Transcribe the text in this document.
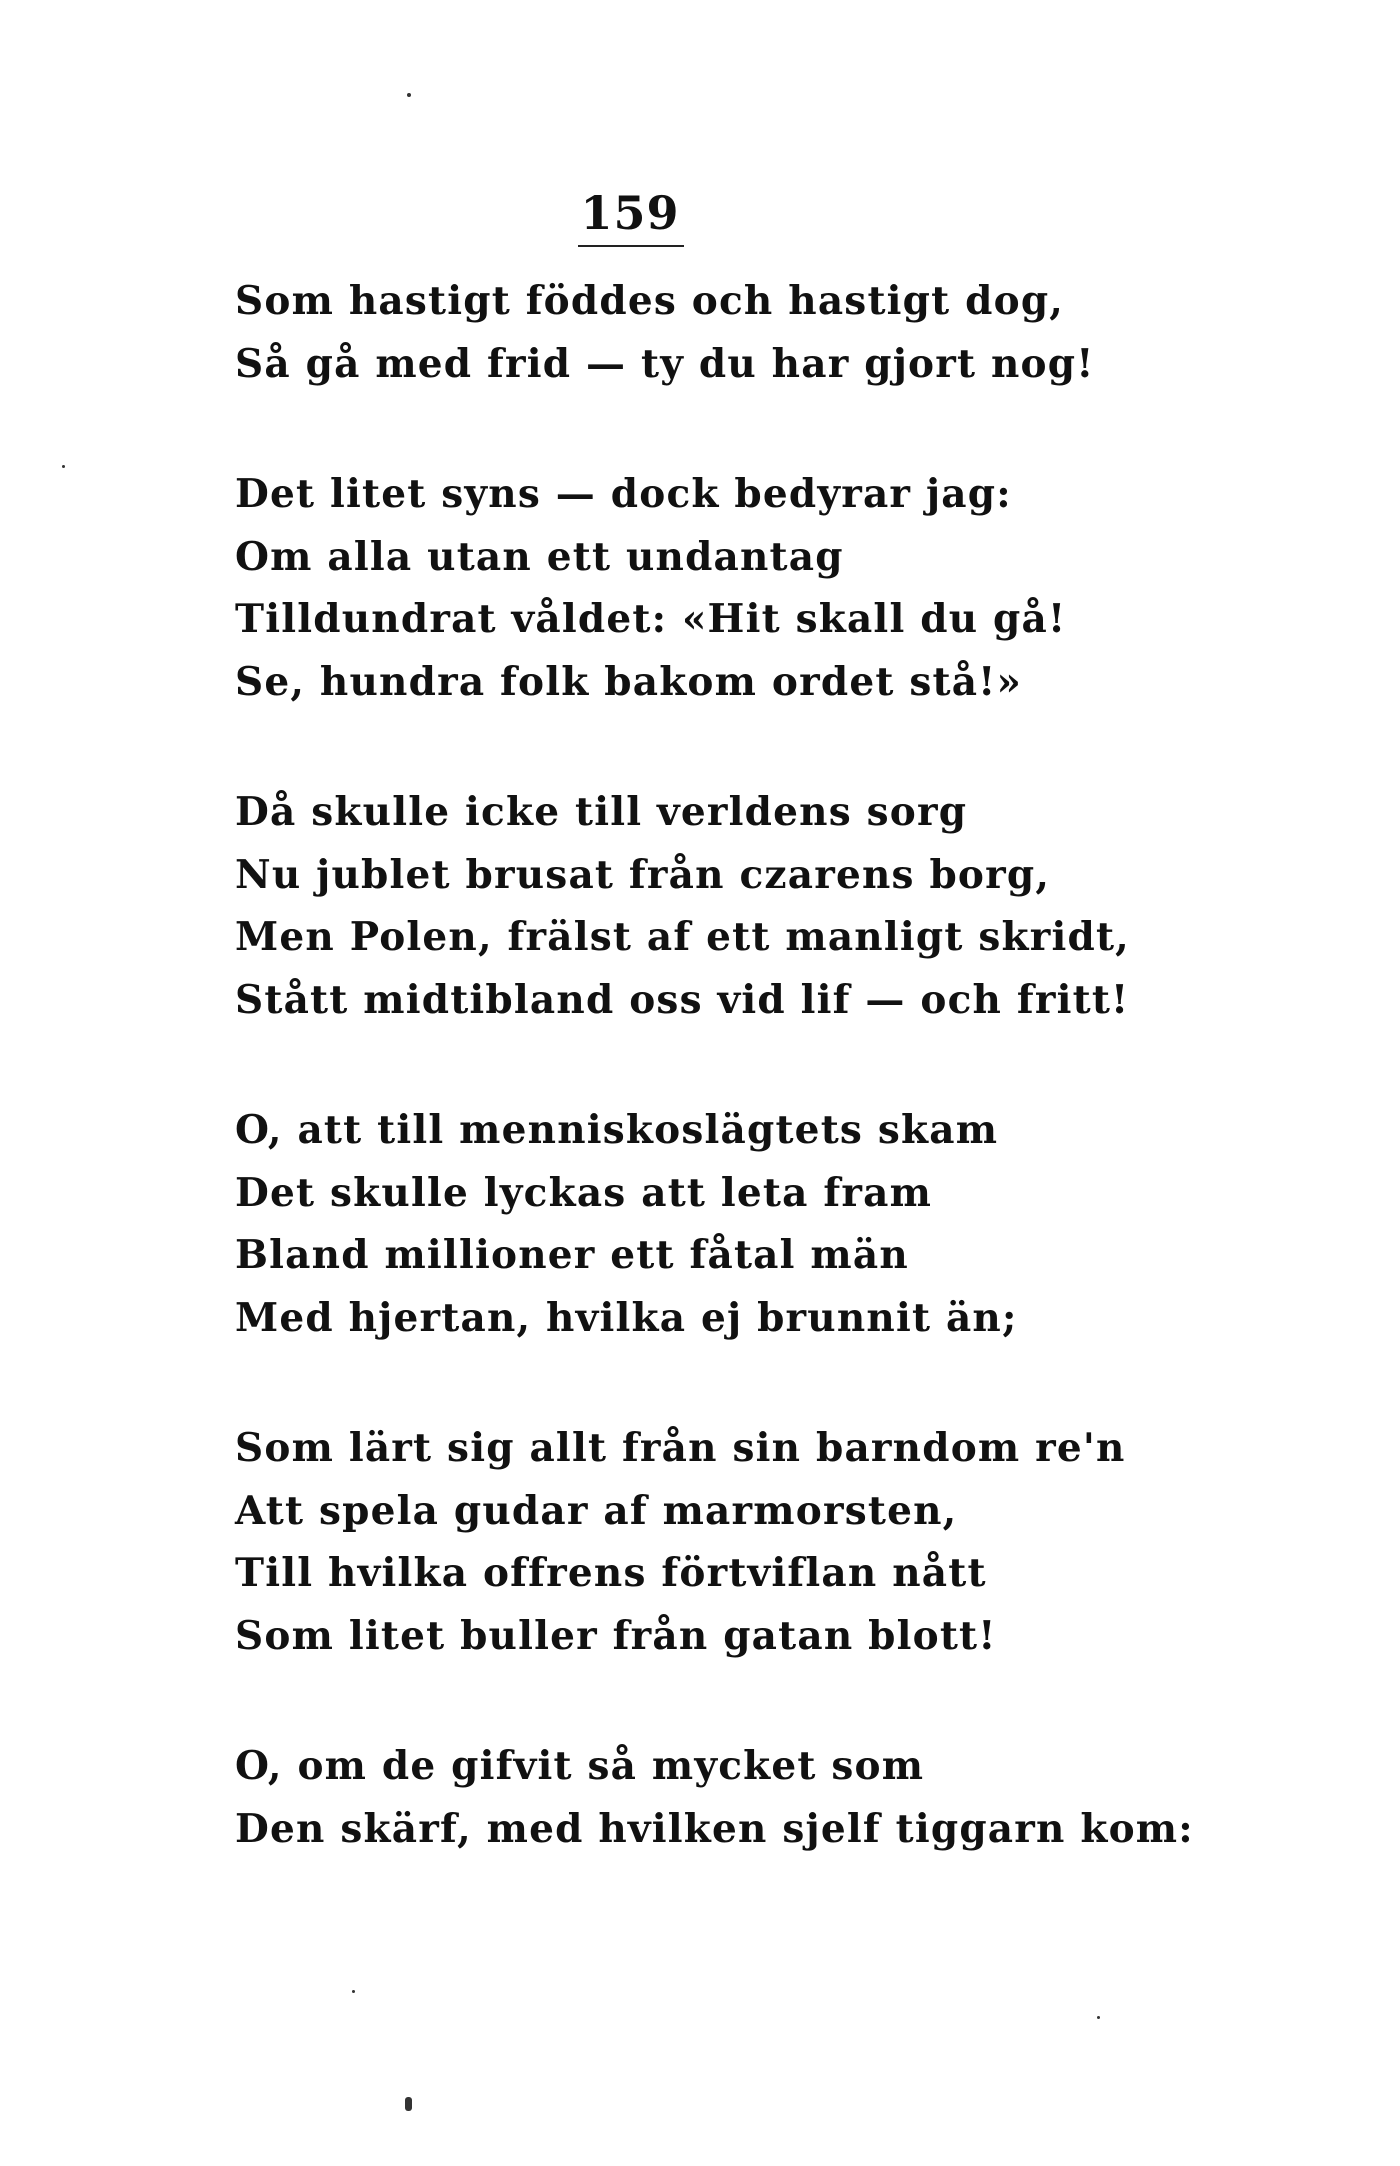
159
Som hastigt föddes och hastigt dog,
Så gå med frid — ty du har gjort nog!
Det litet syns — dock bedyrar jag:
Om alla utan ett undantag
Tilldundrat våldet: «Hit skall du gå!
Se, hundra folk bakom ordet stå!»
Då skulle icke till verldens sorg
Nu jublet brusat från czarens borg,
Men Polen, frälst af ett manligt skridt,
Stått midtibland oss vid lif — och fritt!
O, att till menniskoslägtets skam
Det skulle lyckas att leta fram
Bland millioner ett fåtal män
Med hjertan, hvilka ej brunnit än;
Som lärt sig allt från sin barndom re'n
Att spela gudar af marmorsten,
Till hvilka offrens förtviflan nått
Som litet buller från gatan blott!
O, om de gifvit så mycket som
Den skärf, med hvilken sjelf tiggarn kom:
